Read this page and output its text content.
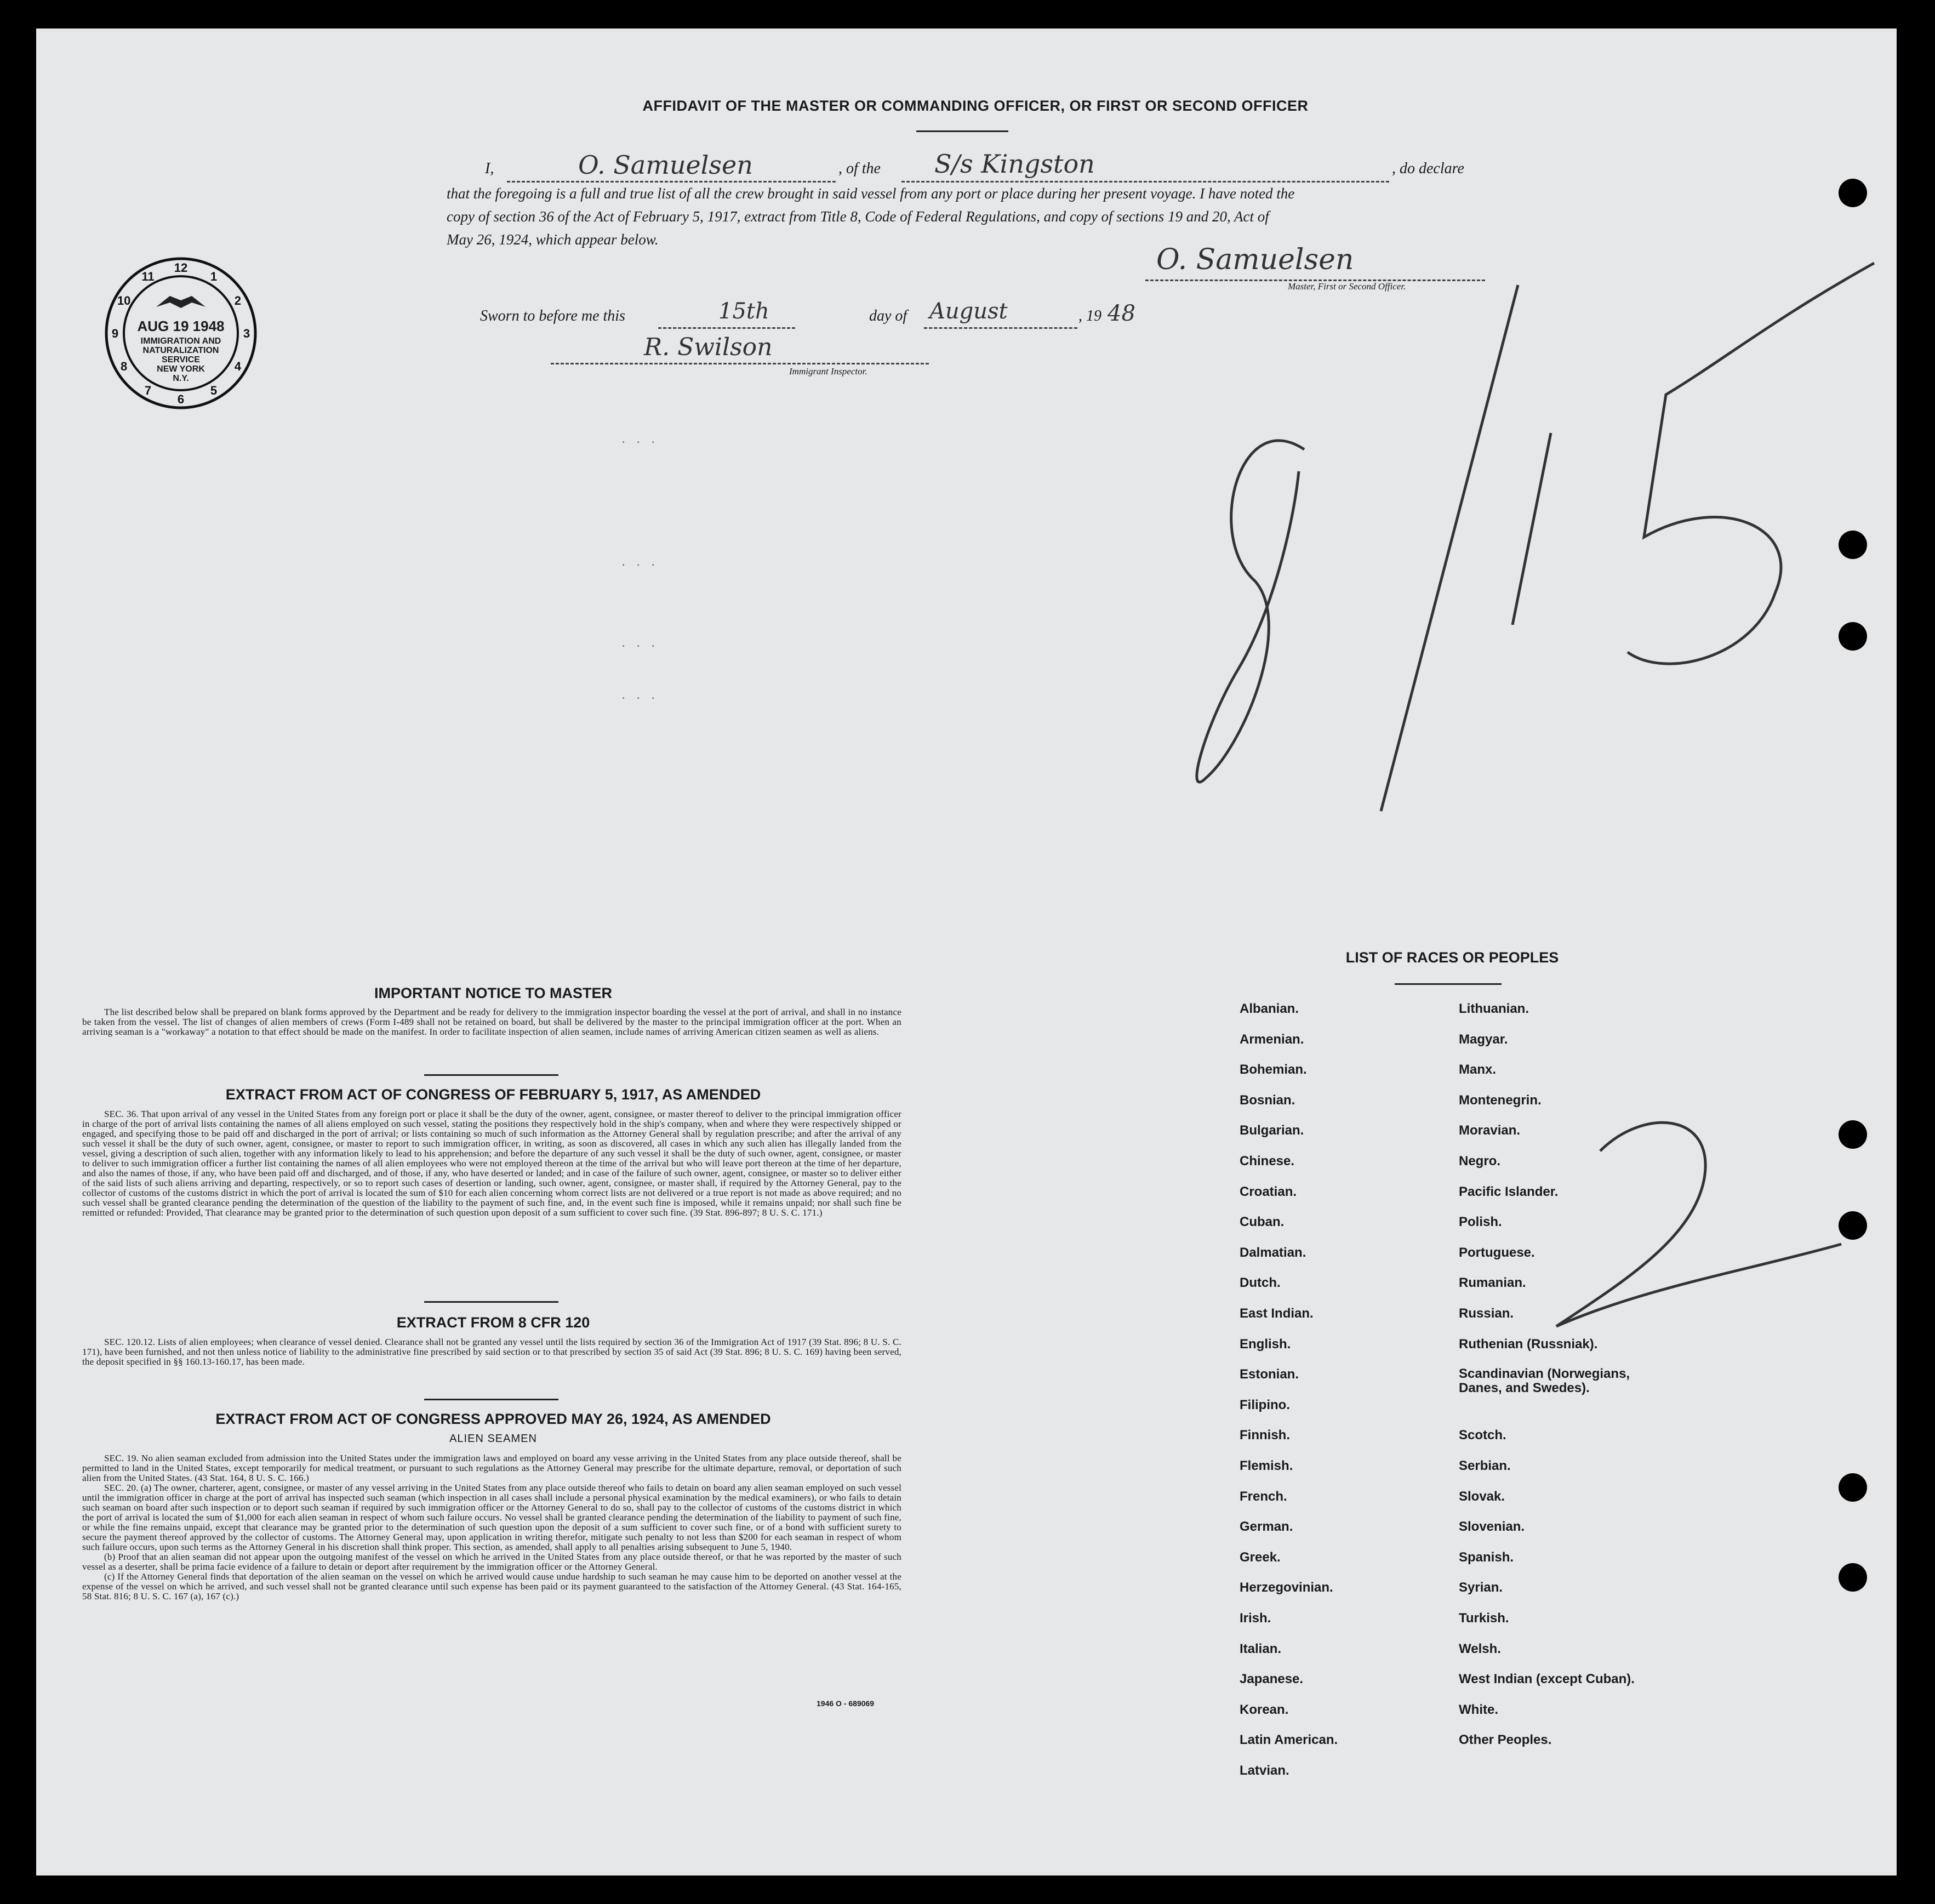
AFFIDAVIT OF THE MASTER OR COMMANDING OFFICER, OR FIRST OR SECOND OFFICER
I,	O. Samuelsen	, of the S/s Kingston	, do declare
that the foregoing is a full and true list of all the crew brought in said vessel from any port or place during her present voyage. I have noted the
copy of section 36 of the Act of February 5, 1917, extract from Title 8, Code of Federal Regulations, and copy of sections 19 and 20, Act of
May 26, 1924, which appear below.
O. Samuelsen
Master, First or Second Officer.
Sworn to before me this	15th	day of August	, 19 48
R. Swilson
Immigrant Inspector.
12
1
2
3
4
5
6
7
8
9
10
11
AUG 19 1948
IMMIGRATION AND
NATURALIZATION
SERVICE
NEW YORK
N.Y.
. . .
. . .
. . .
. . .
IMPORTANT NOTICE TO MASTER
The list described below shall be prepared on blank forms approved by the Department and be ready for delivery to the immigration inspector boarding the vessel at the port of arrival, and shall in no instance be taken from the vessel. The list of changes of alien members of crews (Form I-489 shall not be retained on board, but shall be delivered by the master to the principal immigration officer at the port. When an arriving seaman is a "workaway" a notation to that effect should be made on the manifest. In order to facilitate inspection of alien seamen, include names of arriving American citizen seamen as well as aliens.
EXTRACT FROM ACT OF CONGRESS OF FEBRUARY 5, 1917, AS AMENDED
SEC. 36. That upon arrival of any vessel in the United States from any foreign port or place it shall be the duty of the owner, agent, consignee, or master thereof to deliver to the principal immigration officer in charge of the port of arrival lists containing the names of all aliens employed on such vessel, stating the positions they respectively hold in the ship's company, when and where they were respectively shipped or engaged, and specifying those to be paid off and discharged in the port of arrival; or lists containing so much of such information as the Attorney General shall by regulation prescribe; and after the arrival of any such vessel it shall be the duty of such owner, agent, consignee, or master to report to such immigration officer, in writing, as soon as discovered, all cases in which any such alien has illegally landed from the vessel, giving a description of such alien, together with any information likely to lead to his apprehension; and before the departure of any such vessel it shall be the duty of such owner, agent, consignee, or master to deliver to such immigration officer a further list containing the names of all alien employees who were not employed thereon at the time of the arrival but who will leave port thereon at the time of her departure, and also the names of those, if any, who have been paid off and discharged, and of those, if any, who have deserted or landed; and in case of the failure of such owner, agent, consignee, or master so to deliver either of the said lists of such aliens arriving and departing, respectively, or so to report such cases of desertion or landing, such owner, agent, consignee, or master shall, if required by the Attorney General, pay to the collector of customs of the customs district in which the port of arrival is located the sum of $10 for each alien concerning whom correct lists are not delivered or a true report is not made as above required; and no such vessel shall be granted clearance pending the determination of the question of the liability to the payment of such fine, and, in the event such fine is imposed, while it remains unpaid; nor shall such fine be remitted or refunded: Provided, That clearance may be granted prior to the determination of such question upon deposit of a sum sufficient to cover such fine. (39 Stat. 896-897; 8 U. S. C. 171.)
EXTRACT FROM 8 CFR 120
SEC. 120.12. Lists of alien employees; when clearance of vessel denied. Clearance shall not be granted any vessel until the lists required by section 36 of the Immigration Act of 1917 (39 Stat. 896; 8 U. S. C. 171), have been furnished, and not then unless notice of liability to the administrative fine prescribed by said section or to that prescribed by section 35 of said Act (39 Stat. 896; 8 U. S. C. 169) having been served, the deposit specified in §§ 160.13-160.17, has been made.
EXTRACT FROM ACT OF CONGRESS APPROVED MAY 26, 1924, AS AMENDED
ALIEN SEAMEN
SEC. 19. No alien seaman excluded from admission into the United States under the immigration laws and employed on board any vesse arriving in the United States from any place outside thereof, shall be permitted to land in the United States, except temporarily for medical treatment, or pursuant to such regulations as the Attorney General may prescribe for the ultimate departure, removal, or deportation of such alien from the United States. (43 Stat. 164, 8 U. S. C. 166.)
SEC. 20. (a) The owner, charterer, agent, consignee, or master of any vessel arriving in the United States from any place outside thereof who fails to detain on board any alien seaman employed on such vessel until the immigration officer in charge at the port of arrival has inspected such seaman (which inspection in all cases shall include a personal physical examination by the medical examiners), or who fails to detain such seaman on board after such inspection or to deport such seaman if required by such immigration officer or the Attorney General to do so, shall pay to the collector of customs of the customs district in which the port of arrival is located the sum of $1,000 for each alien seaman in respect of whom such failure occurs. No vessel shall be granted clearance pending the determination of the liability to payment of such fine, or while the fine remains unpaid, except that clearance may be granted prior to the determination of such question upon the deposit of a sum sufficient to cover such fine, or of a bond with sufficient surety to secure the payment thereof approved by the collector of customs. The Attorney General may, upon application in writing therefor, mitigate such penalty to not less than $200 for each seaman in respect of whom such failure occurs, upon such terms as the Attorney General in his discretion shall think proper. This section, as amended, shall apply to all penalties arising subsequent to June 5, 1940.
(b) Proof that an alien seaman did not appear upon the outgoing manifest of the vessel on which he arrived in the United States from any place outside thereof, or that he was reported by the master of such vessel as a deserter, shall be prima facie evidence of a failure to detain or deport after requirement by the immigration officer or the Attorney General.
(c) If the Attorney General finds that deportation of the alien seaman on the vessel on which he arrived would cause undue hardship to such seaman he may cause him to be deported on another vessel at the expense of the vessel on which he arrived, and such vessel shall not be granted clearance until such expense has been paid or its payment guaranteed to the satisfaction of the Attorney General. (43 Stat. 164-165, 58 Stat. 816; 8 U. S. C. 167 (a), 167 (c).)
1946 O - 689069
LIST OF RACES OR PEOPLES
Albanian.
Armenian.
Bohemian.
Bosnian.
Bulgarian.
Chinese.
Croatian.
Cuban.
Dalmatian.
Dutch.
East Indian.
English.
Estonian.
Filipino.
Finnish.
Flemish.
French.
German.
Greek.
Herzegovinian.
Irish.
Italian.
Japanese.
Korean.
Latin American.
Latvian.
Lithuanian.
Magyar.
Manx.
Montenegrin.
Moravian.
Negro.
Pacific Islander.
Polish.
Portuguese.
Rumanian.
Russian.
Ruthenian (Russniak).
Scandinavian (Norwegians, Danes, and Swedes).
Scotch.
Serbian.
Slovak.
Slovenian.
Spanish.
Syrian.
Turkish.
Welsh.
West Indian (except Cuban).
White.
Other Peoples.
